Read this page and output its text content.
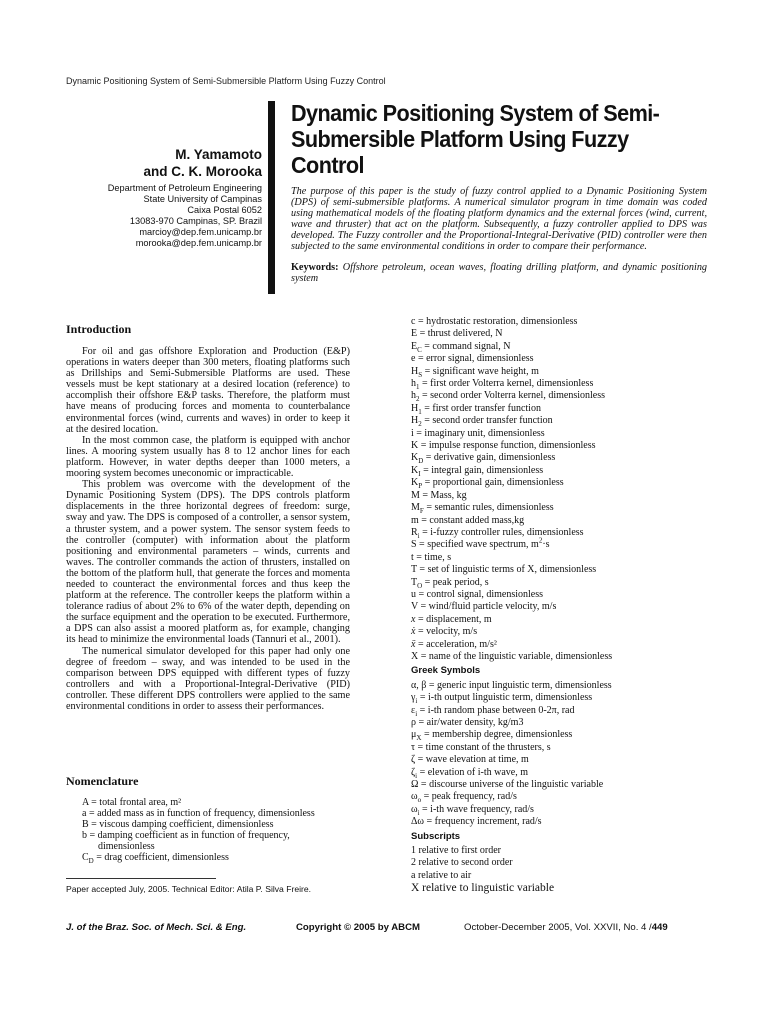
Dynamic Positioning System of Semi-Submersible Platform Using Fuzzy Control
M. Yamamoto
and C. K. Morooka
Department of Petroleum Engineering
State University of Campinas
Caixa Postal 6052
13083-970 Campinas, SP. Brazil
marcioy@dep.fem.unicamp.br
morooka@dep.fem.unicamp.br
Dynamic Positioning System of Semi-Submersible Platform Using Fuzzy Control
The purpose of this paper is the study of fuzzy control applied to a Dynamic Positioning System (DPS) of semi-submersible platforms. A numerical simulator program in time domain was coded using mathematical models of the floating platform dynamics and the external forces (wind, current, wave and thruster) that act on the platform. Subsequently, a fuzzy controller applied to DPS was developed. The Fuzzy controller and the Proportional-Integral-Derivative (PID) controller were then subjected to the same environmental conditions in order to compare their performance.
Keywords: Offshore petroleum, ocean waves, floating drilling platform, and dynamic positioning system
Introduction

For oil and gas offshore Exploration and Production (E&P) operations in waters deeper than 300 meters, floating platforms such as Drillships and Semi-Submersible Platforms are used. These vessels must be kept stationary at a desired location (reference) to accomplish their offshore E&P tasks. Therefore, the platform must have means of producing forces and momenta to counterbalance environmental forces (wind, currents and waves) in order to keep it at the desired location.

In the most common case, the platform is equipped with anchor lines. A mooring system usually has 8 to 12 anchor lines for each platform. However, in water depths deeper than 1000 meters, a mooring system becomes uneconomic or impracticable.

This problem was overcome with the development of the Dynamic Positioning System (DPS). The DPS controls platform displacements in the three horizontal degrees of freedom: surge, sway and yaw. The DPS is composed of a controller, a sensor system, a thruster system, and a power system. The sensor system feeds to the controller (computer) with information about the platform positioning and environmental parameters – winds, currents and waves. The controller commands the action of thrusters, installed on the bottom of the platform hull, that generate the forces and momenta needed to counteract the environmental forces and thus keep the platform at the reference. The controller keeps the platform within a tolerance radius of about 2% to 6% of the water depth, depending on the surface equipment and the operation to be executed. Furthermore, a DPS can also assist a moored platform as, for example, changing its head to minimize the environmental loads (Tannuri et al., 2001).

The numerical simulator developed for this paper had only one degree of freedom – sway, and was intended to be used in the comparison between DPS equipped with different types of fuzzy controllers and with a Proportional-Integral-Derivative (PID) controller. These different DPS controllers were applied to the same environmental conditions in order to assess their performances.

Nomenclature
A = total frontal area, m²
a = added mass as in function of frequency, dimensionless
B = viscous damping coefficient, dimensionless
b = damping coefficient as in function of frequency,
dimensionless
$C_D$ = drag coefficient, dimensionless
Paper accepted July, 2005. Technical Editor: Atila P. Silva Freire.
c = hydrostatic restoration, dimensionless
E = thrust delivered, N
$E_C$ = command signal, N
e = error signal, dimensionless
$H_S$ = significant wave height, m
$h_1$ = first order Volterra kernel, dimensionless
$h_2$ = second order Volterra kernel, dimensionless
$H_1$ = first order transfer function
$H_2$ = second order transfer function
i = imaginary unit, dimensionless
K = impulse response function, dimensionless
$K_D$ = derivative gain, dimensionless
$K_I$ = integral gain, dimensionless
$K_P$ = proportional gain, dimensionless
M = Mass, kg
$M_F$ = semantic rules, dimensionless
m = constant added mass,kg
$R_i$ = i-fuzzy controller rules, dimensionless
S = specified wave spectrum, $m^2\cdot s$
t = time, s
T = set of linguistic terms of X, dimensionless
$T_O$ = peak period, s
u = control signal, dimensionless
V = wind/fluid particle velocity, m/s
x = displacement, m
ẋ = velocity, m/s
ẍ = acceleration, m/s²
X = name of the linguistic variable, dimensionless
Greek Symbols
α, β = generic input linguistic term, dimensionless
$\gamma_i = i-th$ output linguistic term, dimensionless
$\varepsilon_i = i-th$ random phase between 0-2π, rad
ρ = air/water density, kg/m3
$\mu_X$ = membership degree, dimensionless
τ = time constant of the thrusters, s
ζ = wave elevation at time, m
$\zeta_i$ = elevation of i-th wave, m
Ω = discourse universe of the linguistic variable
$\omega_o$ = peak frequency, rad/s
$\omega_i = i-th$ wave frequency, rad/s
Δω = frequency increment, rad/s
Subscripts
1 relative to first order
2 relative to second order
a relative to air
X relative to linguistic variable
J. of the Braz. Soc. of Mech. Sci. & Eng.	Copyright © 2005 by ABCM	October-December 2005, Vol. XXVII, No. 4 /449
